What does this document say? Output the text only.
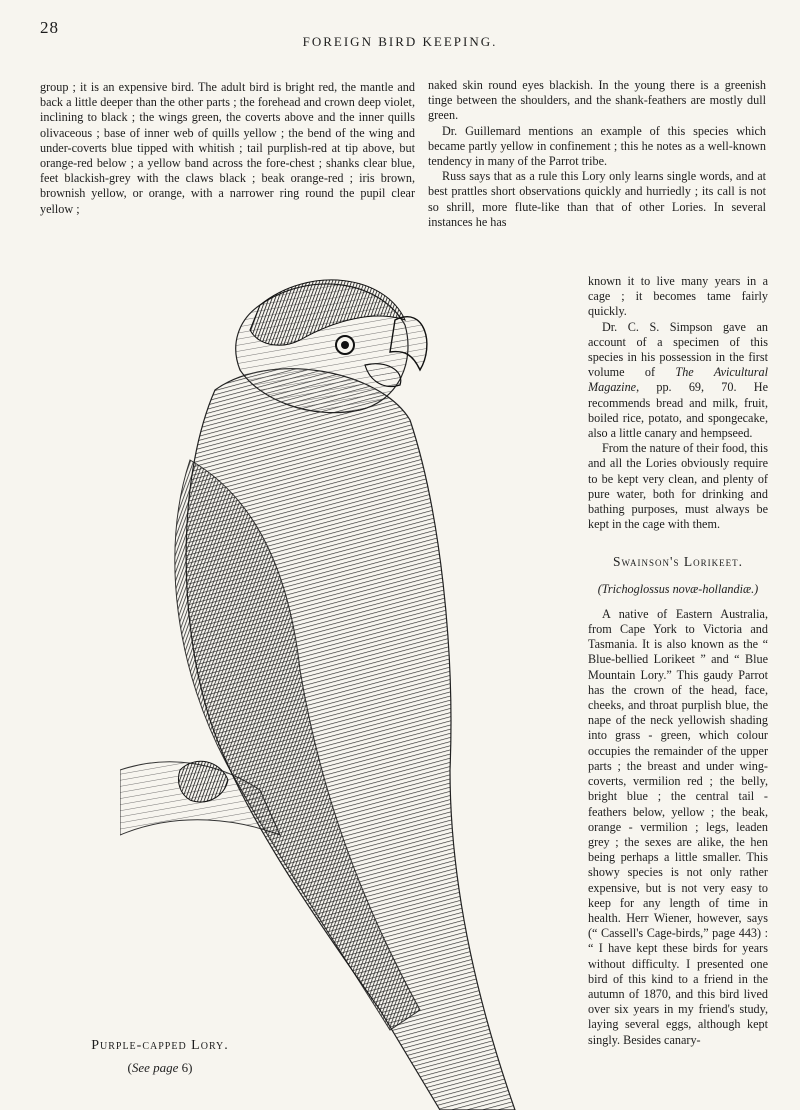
28
FOREIGN BIRD KEEPING.

group ; it is an expensive bird. The adult bird is bright red, the mantle and back a little deeper than the other parts ; the forehead and crown deep violet, inclining to black ; the wings green, the coverts above and the inner quills olivaceous ; base of inner web of quills yellow ; the bend of the wing and under-coverts blue tipped with whitish ; tail purplish-red at tip above, but orange-red below ; a yellow band across the fore-chest ; shanks clear blue, feet blackish-grey with the claws black ; beak orange-red ; iris brown, brownish yellow, or orange, with a narrower ring round the pupil clear yellow ;

naked skin round eyes blackish. In the young there is a greenish tinge between the shoulders, and the shank-feathers are mostly dull green.

Dr. Guillemard mentions an example of this species which became partly yellow in confinement ; this he notes as a well-known tendency in many of the Parrot tribe.

Russ says that as a rule this Lory only learns single words, and at best prattles short observations quickly and hurriedly ; its call is not so shrill, more flute-like than that of other Lories. In several instances he has

known it to live many years in a cage ; it becomes tame fairly quickly.

Dr. C. S. Simpson gave an account of a specimen of this species in his possession in the first volume of The Avicultural Magazine, pp. 69, 70. He recommends bread and milk, fruit, boiled rice, potato, and spongecake, also a little canary and hempseed.

From the nature of their food, this and all the Lories obviously require to be kept very clean, and plenty of pure water, both for drinking and bathing purposes, must always be kept in the cage with them.

Swainson's Lorikeet.
(Trichoglossus novæ-hollandiæ.)

A native of Eastern Australia, from Cape York to Victoria and Tasmania. It is also known as the “ Blue-bellied Lorikeet ” and “ Blue Mountain Lory.” This gaudy Parrot has the crown of the head, face, cheeks, and throat purplish blue, the nape of the neck yellowish shading into grass - green, which colour occupies the remainder of the upper parts ; the breast and under wing-coverts, vermilion red ; the belly, bright blue ; the central tail - feathers below, yellow ; the beak, orange - vermilion ; legs, leaden grey ; the sexes are alike, the hen being perhaps a little smaller. This showy species is not only rather expensive, but is not very easy to keep for any length of time in health. Herr Wiener, however, says (“ Cassell's Cage-birds,” page 443) : “ I have kept these birds for years without difficulty. I presented one bird of this kind to a friend in the autumn of 1870, and this bird lived over six years in my friend's study, laying several eggs, although kept singly. Besides canary-

Purple-capped Lory.
(See page 6)
